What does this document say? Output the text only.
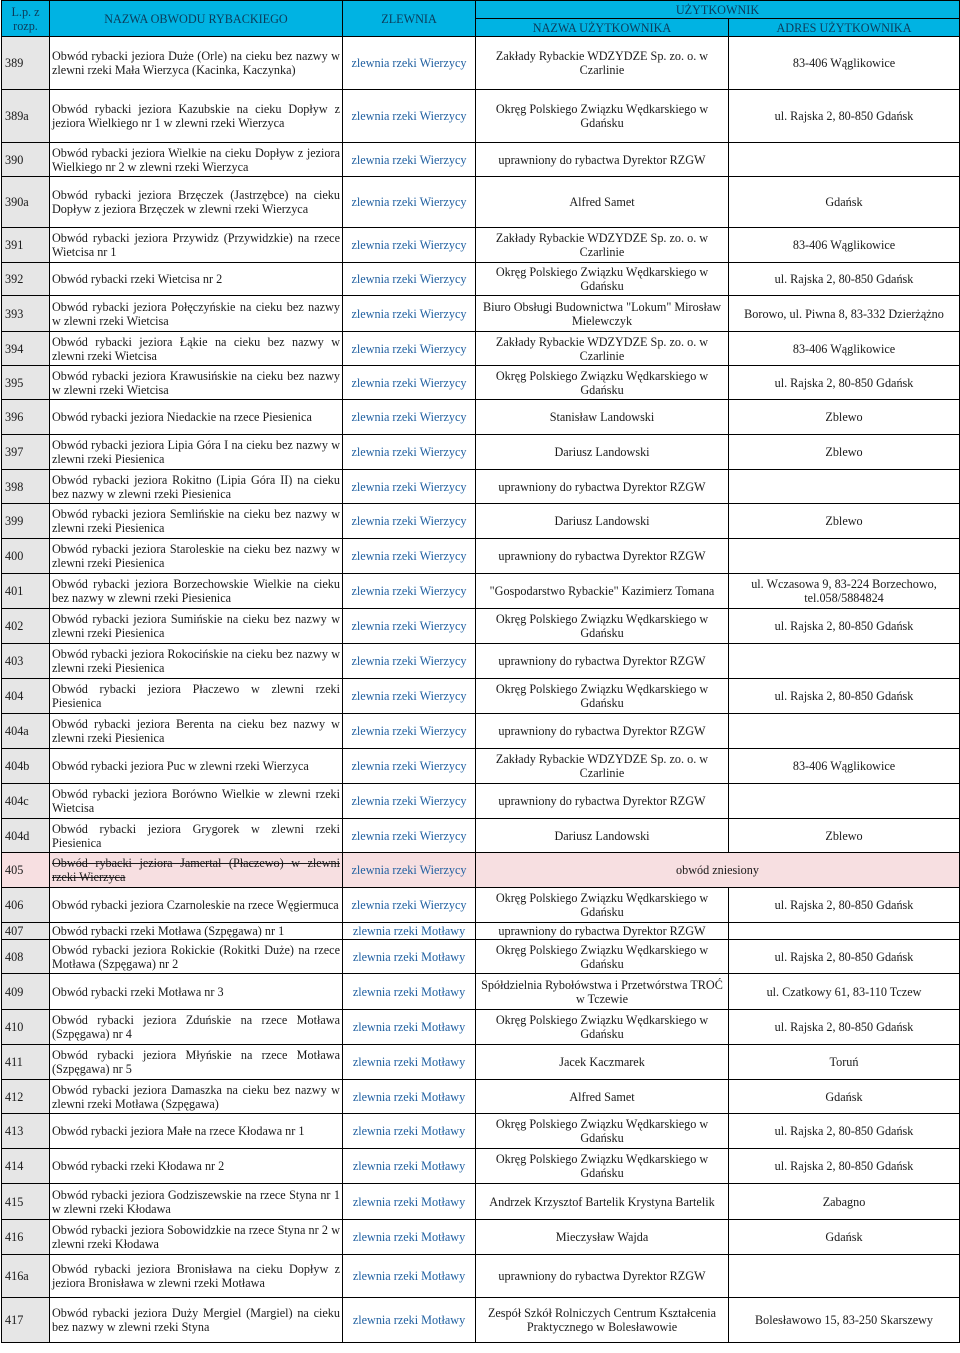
L.p. z rozp.	NAZWA OBWODU RYBACKIEGO	ZLEWNIA	UŻYTKOWNIK	
			NAZWA UŻYTKOWNIKA	ADRES UŻYTKOWNIKA
389	Obwód rybacki jeziora Duże (Orle) na cieku bez nazwy w zlewni rzeki Mała Wierzyca (Kacinka, Kaczynka)	zlewnia rzeki Wierzycy	Zakłady Rybackie WDZYDZE Sp. zo. o. w Czarlinie	83-406 Wąglikowice
389a	Obwód rybacki jeziora Kazubskie na cieku Dopływ z jeziora Wielkiego nr 1 w zlewni rzeki Wierzyca	zlewnia rzeki Wierzycy	Okręg Polskiego Związku Wędkarskiego w Gdańsku	ul. Rajska 2, 80-850 Gdańsk
390	Obwód rybacki jeziora Wielkie na cieku Dopływ z jeziora Wielkiego nr 2 w zlewni rzeki Wierzyca	zlewnia rzeki Wierzycy	uprawniony do rybactwa Dyrektor RZGW	
390a	Obwód rybacki jeziora Brzęczek (Jastrzębce) na cieku Dopływ z jeziora Brzęczek w zlewni rzeki Wierzyca	zlewnia rzeki Wierzycy	Alfred Samet	Gdańsk
391	Obwód rybacki jeziora Przywidz (Przywidzkie) na rzece Wietcisa nr 1	zlewnia rzeki Wierzycy	Zakłady Rybackie WDZYDZE Sp. zo. o. w Czarlinie	83-406 Wąglikowice
392	Obwód rybacki rzeki Wietcisa nr 2	zlewnia rzeki Wierzycy	Okręg Polskiego Związku Wędkarskiego w Gdańsku	ul. Rajska 2, 80-850 Gdańsk
393	Obwód rybacki jeziora Połęczyńskie na cieku bez nazwy w zlewni rzeki Wietcisa	zlewnia rzeki Wierzycy	Biuro Obsługi Budownictwa "Lokum" Mirosław Mielewczyk	Borowo, ul. Piwna 8, 83-332 Dzierżążno
394	Obwód rybacki jeziora Łąkie na cieku bez nazwy w zlewni rzeki Wietcisa	zlewnia rzeki Wierzycy	Zakłady Rybackie WDZYDZE Sp. zo. o. w Czarlinie	83-406 Wąglikowice
395	Obwód rybacki jeziora Krawusińskie na cieku bez nazwy w zlewni rzeki Wietcisa	zlewnia rzeki Wierzycy	Okręg Polskiego Związku Wędkarskiego w Gdańsku	ul. Rajska 2, 80-850 Gdańsk
396	Obwód rybacki jeziora Niedackie na rzece Piesienica	zlewnia rzeki Wierzycy	Stanisław Landowski	Zblewo
397	Obwód rybacki jeziora Lipia Góra I na cieku bez nazwy w zlewni rzeki Piesienica	zlewnia rzeki Wierzycy	Dariusz Landowski	Zblewo
398	Obwód rybacki jeziora Rokitno (Lipia Góra II) na cieku bez nazwy w zlewni rzeki Piesienica	zlewnia rzeki Wierzycy	uprawniony do rybactwa Dyrektor RZGW	
399	Obwód rybacki jeziora Semlińskie na cieku bez nazwy w zlewni rzeki Piesienica	zlewnia rzeki Wierzycy	Dariusz Landowski	Zblewo
400	Obwód rybacki jeziora Staroleskie na cieku bez nazwy w zlewni rzeki Piesienica	zlewnia rzeki Wierzycy	uprawniony do rybactwa Dyrektor RZGW	
401	Obwód rybacki jeziora Borzechowskie Wielkie na cieku bez nazwy w zlewni rzeki Piesienica	zlewnia rzeki Wierzycy	"Gospodarstwo Rybackie" Kazimierz Tomana	ul. Wczasowa 9, 83-224 Borzechowo, tel.058/5884824
402	Obwód rybacki jeziora Sumińskie na cieku bez nazwy w zlewni rzeki Piesienica	zlewnia rzeki Wierzycy	Okręg Polskiego Związku Wędkarskiego w Gdańsku	ul. Rajska 2, 80-850 Gdańsk
403	Obwód rybacki jeziora Rokocińskie na cieku bez nazwy w zlewni rzeki Piesienica	zlewnia rzeki Wierzycy	uprawniony do rybactwa Dyrektor RZGW	
404	Obwód rybacki jeziora Płaczewo w zlewni rzeki Piesienica	zlewnia rzeki Wierzycy	Okręg Polskiego Związku Wędkarskiego w Gdańsku	ul. Rajska 2, 80-850 Gdańsk
404a	Obwód rybacki jeziora Berenta na cieku bez nazwy w zlewni rzeki Piesienica	zlewnia rzeki Wierzycy	uprawniony do rybactwa Dyrektor RZGW	
404b	Obwód rybacki jeziora Puc w zlewni rzeki Wierzyca	zlewnia rzeki Wierzycy	Zakłady Rybackie WDZYDZE Sp. zo. o. w Czarlinie	83-406 Wąglikowice
404c	Obwód rybacki jeziora Borówno Wielkie w zlewni rzeki Wietcisa	zlewnia rzeki Wierzycy	uprawniony do rybactwa Dyrektor RZGW	
404d	Obwód rybacki jeziora Grygorek w zlewni rzeki Piesienica	zlewnia rzeki Wierzycy	Dariusz Landowski	Zblewo
405	Obwód rybacki jeziora Jamertal (Płaczewo) w zlewni rzeki Wierzyca	zlewnia rzeki Wierzycy	obwód zniesiony	
406	Obwód rybacki jeziora Czarnoleskie na rzece Węgiermuca	zlewnia rzeki Wierzycy	Okręg Polskiego Związku Wędkarskiego w Gdańsku	ul. Rajska 2, 80-850 Gdańsk
407	Obwód rybacki rzeki Motława (Szpęgawa) nr 1	zlewnia rzeki Motławy	uprawniony do rybactwa Dyrektor RZGW	
408	Obwód rybacki jeziora Rokickie (Rokitki Duże) na rzece Motława (Szpęgawa) nr 2	zlewnia rzeki Motławy	Okręg Polskiego Związku Wędkarskiego w Gdańsku	ul. Rajska 2, 80-850 Gdańsk
409	Obwód rybacki rzeki Motława nr 3	zlewnia rzeki Motławy	Spółdzielnia Rybołówstwa i Przetwórstwa TROĆ w Tczewie	ul. Czatkowy 61, 83-110 Tczew
410	Obwód rybacki jeziora Zduńskie na rzece Motława (Szpęgawa) nr 4	zlewnia rzeki Motławy	Okręg Polskiego Związku Wędkarskiego w Gdańsku	ul. Rajska 2, 80-850 Gdańsk
411	Obwód rybacki jeziora Młyńskie na rzece Motława (Szpęgawa) nr 5	zlewnia rzeki Motławy	Jacek Kaczmarek	Toruń
412	Obwód rybacki jeziora Damaszka na cieku bez nazwy w zlewni rzeki Motława (Szpęgawa)	zlewnia rzeki Motławy	Alfred Samet	Gdańsk
413	Obwód rybacki jeziora Małe na rzece Kłodawa nr 1	zlewnia rzeki Motławy	Okręg Polskiego Związku Wędkarskiego w Gdańsku	ul. Rajska 2, 80-850 Gdańsk
414	Obwód rybacki rzeki Kłodawa nr 2	zlewnia rzeki Motławy	Okręg Polskiego Związku Wędkarskiego w Gdańsku	ul. Rajska 2, 80-850 Gdańsk
415	Obwód rybacki jeziora Godziszewskie na rzece Styna nr 1 w zlewni rzeki Kłodawa	zlewnia rzeki Motławy	Andrzek Krzysztof Bartelik Krystyna Bartelik	Zabagno
416	Obwód rybacki jeziora Sobowidzkie na rzece Styna nr 2 w zlewni rzeki Kłodawa	zlewnia rzeki Motławy	Mieczysław Wajda	Gdańsk
416a	Obwód rybacki jeziora Bronisława na cieku Dopływ z jeziora Bronisława w zlewni rzeki Motława	zlewnia rzeki Motławy	uprawniony do rybactwa Dyrektor RZGW	
417	Obwód rybacki jeziora Duży Mergiel (Margiel) na cieku bez nazwy w zlewni rzeki Styna	zlewnia rzeki Motławy	Zespół Szkół Rolniczych Centrum Kształcenia Praktycznego w Bolesławowie	Bolesławowo 15, 83-250 Skarszewy
